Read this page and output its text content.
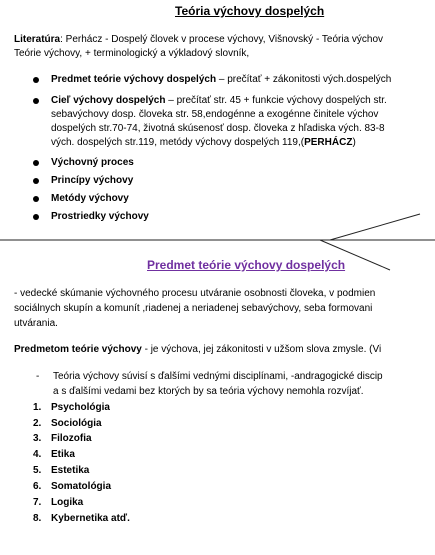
Teória výchovy dospelých
Literatúra: Perhácz - Dospelý človek v procese výchovy, Višnovský - Teória výchov
Teórie výchovy, + terminologický a výkladový slovník,
Predmet teórie výchovy dospelých – prečítať + zákonitosti vých.dospelých
Cieľ výchovy dospelých – prečítať str. 45 + funkcie výchovy dospelých str.
sebavýchovy dosp. človeka str. 58,endogénne a exogénne činitele výchov
dospelých str.70-74, životná skúsenosť dosp. človeka z hľadiska vých. 83-8
vých. dospelých str.119, metódy výchovy dospelých 119,(PERHÁCZ)
Výchovný proces
Princípy výchovy
Metódy výchovy
Prostriedky výchovy
Predmet teórie výchovy dospelých
- vedecké skúmanie výchovného procesu utváranie osobnosti človeka, v podmien
sociálnych skupín a komunít ,riadenej a neriadenej sebavýchovy, seba formovani
utvárania.
Predmetom teórie výchovy - je výchova, jej zákonitosti v užšom slova zmysle. (Vi
- Teória výchovy súvisí s ďalšími vednými disciplínami, -andragogické discip
a s ďalšími vedami bez ktorých by sa teória výchovy nemohla rozvíjať.
1. Psychológia
2. Sociológia
3. Filozofia
4. Etika
5. Estetika
6. Somatológia
7. Logika
8. Kybernetika atď.
